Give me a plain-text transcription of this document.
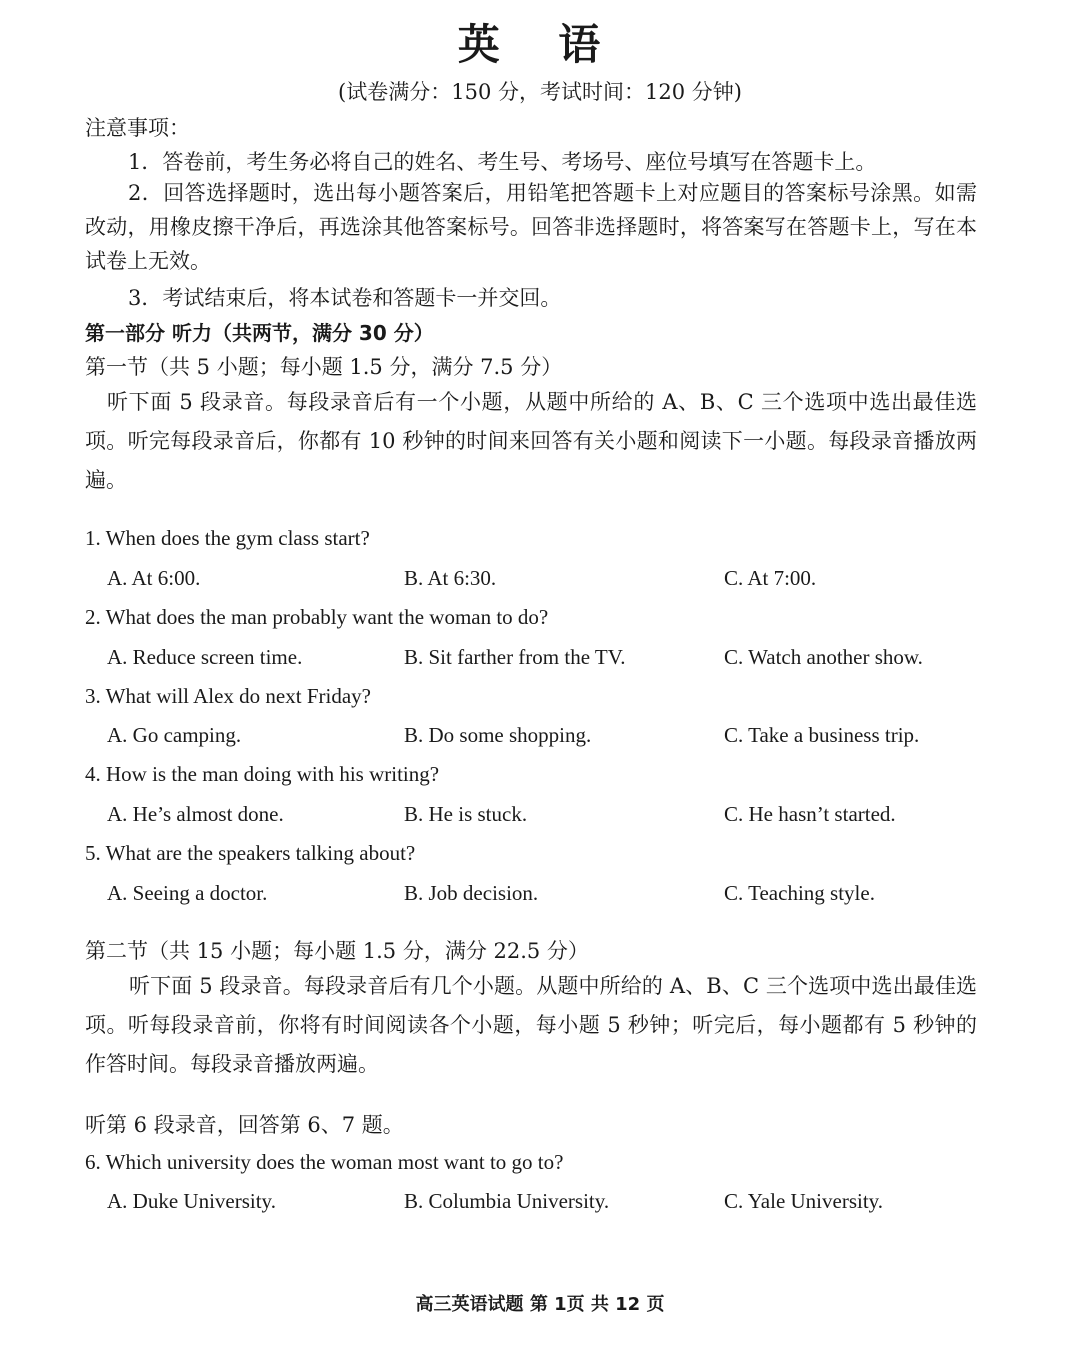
英 语
(试卷满分：150 分，考试时间：120 分钟)
注意事项：
1．答卷前，考生务必将自己的姓名、考生号、考场号、座位号填写在答题卡上。
2．回答选择题时，选出每小题答案后，用铅笔把答题卡上对应题目的答案标号涂黑。如需改动，用橡皮擦干净后，再选涂其他答案标号。回答非选择题时，将答案写在答题卡上，写在本试卷上无效。
3．考试结束后，将本试卷和答题卡一并交回。
第一部分 听力（共两节，满分 30 分）
第一节（共 5 小题；每小题 1.5 分，满分 7.5 分）
听下面 5 段录音。每段录音后有一个小题，从题中所给的 A、B、C 三个选项中选出最佳选项。听完每段录音后，你都有 10 秒钟的时间来回答有关小题和阅读下一小题。每段录音播放两遍。
1. When does the gym class start?
A. At 6:00.	B. At 6:30.	C. At 7:00.
2. What does the man probably want the woman to do?
A. Reduce screen time.	B. Sit farther from the TV.	C. Watch another show.
3. What will Alex do next Friday?
A. Go camping.	B. Do some shopping.	C. Take a business trip.
4. How is the man doing with his writing?
A. He’s almost done.	B. He is stuck.	C. He hasn’t started.
5. What are the speakers talking about?
A. Seeing a doctor.	B. Job decision.	C. Teaching style.
第二节（共 15 小题；每小题 1.5 分，满分 22.5 分）
听下面 5 段录音。每段录音后有几个小题。从题中所给的 A、B、C 三个选项中选出最佳选项。听每段录音前，你将有时间阅读各个小题，每小题 5 秒钟；听完后，每小题都有 5 秒钟的作答时间。每段录音播放两遍。
听第 6 段录音，回答第 6、7 题。
6. Which university does the woman most want to go to?
A. Duke University.	B. Columbia University.	C. Yale University.
高三英语试题 第 1页 共 12 页
